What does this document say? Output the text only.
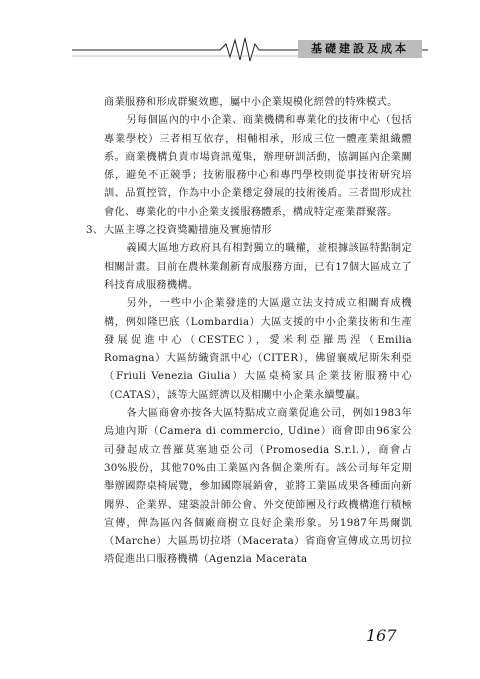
基礎建設及成本

商業服務和形成群聚效應，屬中小企業規模化經營的特殊模式。

另每個區內的中小企業、商業機構和專業化的技術中心（包括專業學校）三者相互依存，相輔相承，形成三位一體產業組織體系。商業機構負責市場資訊蒐集，辦理研訓活動，協調區內企業關係，避免不正競爭；技術服務中心和專門學校則從事技術研究培訓、品質控管，作為中小企業穩定發展的技術後盾。三者間形成社會化、專業化的中小企業支援服務體系，構成特定產業群聚落。

3、大區主導之投資獎勵措施及實施情形

義國大區地方政府具有相對獨立的職權，並根據該區特點制定相關計畫。目前在農林業創新育成服務方面，已有17個大區成立了科技育成服務機構。

另外，一些中小企業發達的大區還立法支持成立相關育成機構，例如隆巴底（Lombardia）大區支援的中小企業技術和生產發展促進中心（CESTEC），愛米利亞羅馬涅（Emilia Romagna）大區紡織資訊中心（CITER），佛留襄威尼斯朱利亞（Friuli Venezia Giulia）大區桌椅家具企業技術服務中心（CATAS），該等大區經濟以及相關中小企業永續雙贏。

各大區商會亦按各大區特點成立商業促進公司，例如1983年烏迪內斯（Camera di commercio, Udine）商會即由96家公司發起成立普羅莫塞迪亞公司（Promosedia S.r.l.），商會占30%股份，其他70%由工業區內各個企業所有。該公司每年定期舉辦國際桌椅展覽，參加國際展銷會，並將工業區成果各種面向新聞界、企業界、建築設計師公會、外交使節團及行政機構進行積極宣傳，俾為區內各個廠商樹立良好企業形象。另1987年馬爾凱（Marche）大區馬切拉塔（Macerata）省商會宣傳成立馬切拉塔促進出口服務機構（Agenzia Macerata

167
